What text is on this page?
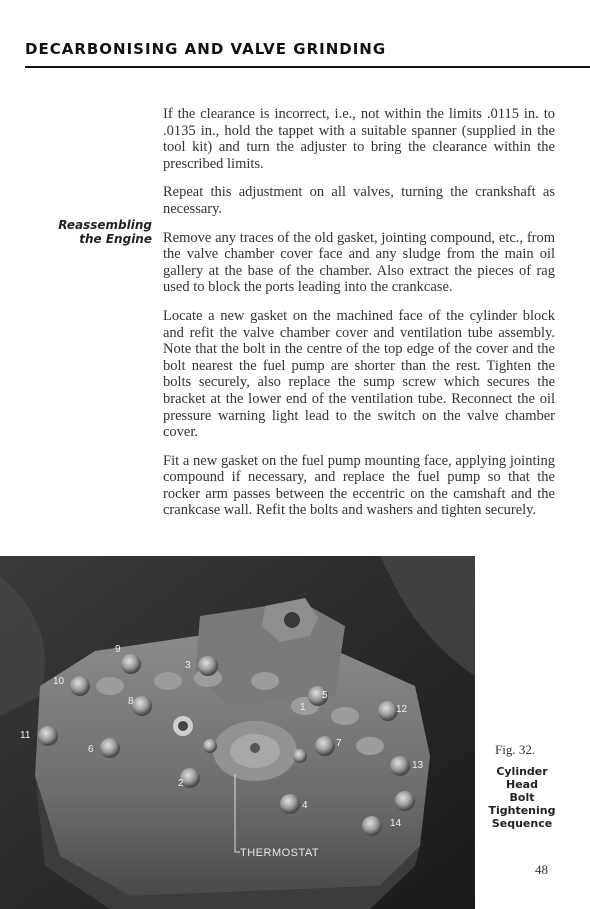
DECARBONISING AND VALVE GRINDING
Reassembling
the Engine

If the clearance is incorrect, i.e., not within the limits .0115 in. to .0135 in., hold the tappet with a suitable spanner (supplied in the tool kit) and turn the adjuster to bring the clearance within the prescribed limits.

Repeat this adjustment on all valves, turning the crankshaft as necessary.

Remove any traces of the old gasket, jointing compound, etc., from the valve chamber cover face and any sludge from the main oil gallery at the base of the chamber. Also extract the pieces of rag used to block the ports leading into the crankcase.

Locate a new gasket on the machined face of the cylinder block and refit the valve chamber cover and ventilation tube assembly. Note that the bolt in the centre of the top edge of the cover and the bolt nearest the fuel pump are shorter than the rest. Tighten the bolts securely, also replace the sump screw which secures the bracket at the lower end of the ventilation tube. Reconnect the oil pressure warning light lead to the switch on the valve chamber cover.

Fit a new gasket on the fuel pump mounting face, applying jointing compound if necessary, and replace the fuel pump so that the rocker arm passes between the eccentric on the camshaft and the crankcase wall. Refit the bolts and washers and tighten securely.

9
10
8
3
5
12
11
6
7
1
2
4
13
14
THERMOSTAT
Fig. 32.
Cylinder
Head
Bolt
Tightening
Sequence
48
